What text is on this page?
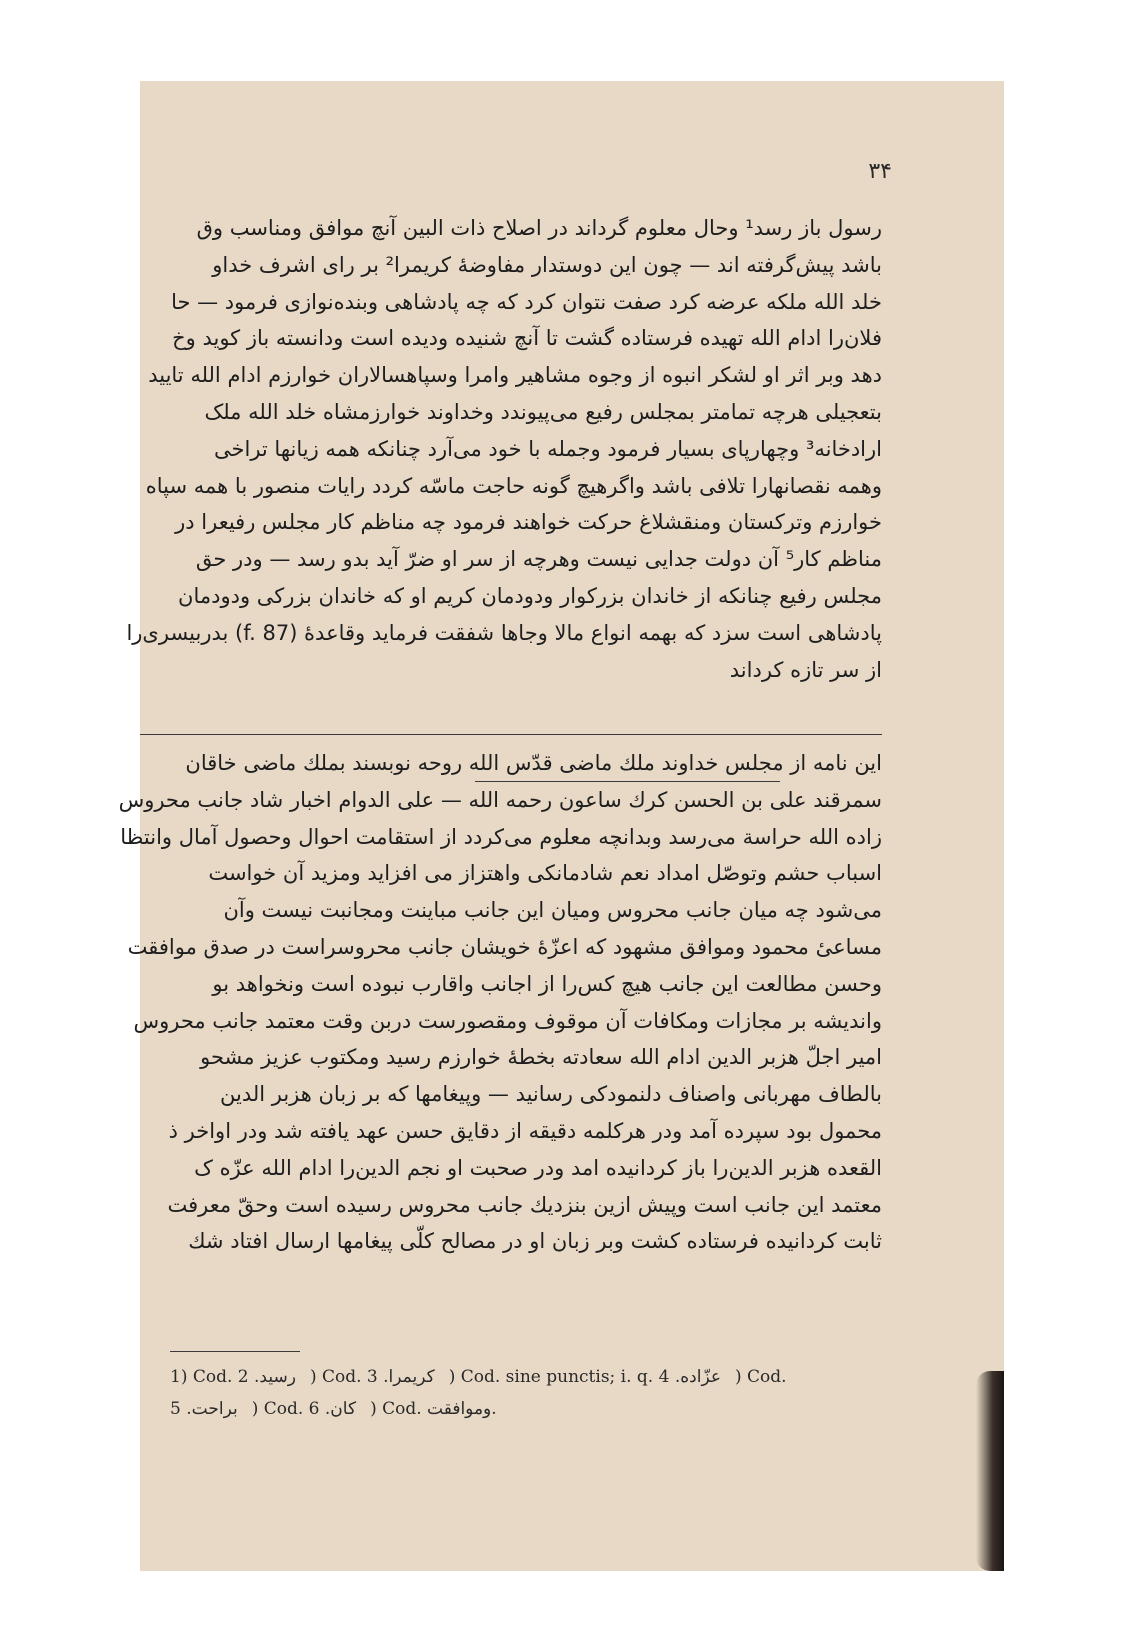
۳۴
رسول باز رسد¹ وحال معلوم گرداند در اصلاح ذات البین آنچ موافق ومناسب وق
باشد پیش‌گرفته اند — چون این دوستدار مفاوضهٔ کریمرا² بر رای اشرف خداو
خلد الله ملکه عرضه کرد صفت نتوان کرد که چه پادشاهی وبنده‌نوازی فرمود — حا
فلان‌را ادام الله تهیده فرستاده گشت تا آنچ شنیده ودیده است ودانسته باز کوید وخ
دهد وبر اثر او لشکر انبوه از وجوه مشاهیر وامرا وسپاهسالاران خوارزم ادام الله تایید
بتعجیلی هرچه تمامتر بمجلس رفیع می‌پیوندد وخداوند خوارزمشاه خلد الله ملک
ارادخانه³ وچهارپای بسیار فرمود وجمله با خود می‌آرد چنانکه همه زیانها تراخی
وهمه نقصانهارا تلافی باشد واگرهیچ گونه حاجت ماسّه کردد رایات منصور با همه سپاه
خوارزم وترکستان ومنقشلاغ حرکت خواهند فرمود چه مناظم کار مجلس رفیعرا در
مناظم کار⁵ آن دولت جدایی نیست وهرچه از سر او ضرّ آید بدو رسد — ودر حق
مجلس رفیع چنانکه از خاندان بزرکوار ودودمان کریم او که خاندان بزرکی ودودمان
پادشاهی است سزد که بهمه انواع مالا وجاها شفقت فرماید وقاعدهٔ (f. 87) بدربیسری‌را
از سر تازه کرداند
این نامه از مجلس خداوند ملك ماضی قدّس الله روحه نوبسند بملك ماضی خاقان
سمرقند علی بن الحسن کرك ساعون رحمه الله — علی الدوام اخبار شاد جانب محروس
زاده الله حراسة می‌رسد وبدانچه معلوم می‌کردد از استقامت احوال وحصول آمال وانتظا
اسباب حشم وتوصّل امداد نعم شادمانکی واهتزاز می افزاید ومزید آن خواست
می‌شود چه میان جانب محروس ومیان این جانب مباینت ومجانبت نیست وآن
مساعیٔ محمود وموافق مشهود که اعزّهٔ خویشان جانب محروسراست در صدق موافقت
وحسن مطالعت این جانب هیچ کس‌را از اجانب واقارب نبوده است ونخواهد بو
واندیشه بر مجازات ومکافات آن موقوف ومقصورست دربن وقت معتمد جانب محروس
امیر اجلّ هزبر الدین ادام الله سعادته بخطهٔ خوارزم رسید ومکتوب عزیز مشحو
بالطاف مهربانی واصناف دلنمودکی رسانید — وپیغامها که بر زبان هزبر الدین
محمول بود سپرده آمد ودر هرکلمه دقیقه از دقایق حسن عهد یافته شد ودر اواخر ذ
القعده هزبر الدین‌را باز کردانیده امد ودر صحبت او نجم الدین‌را ادام الله عزّه ک
معتمد این جانب است وپیش ازین بنزدیك جانب محروس رسیده است وحقّ معرفت
ثابت کردانیده فرستاده کشت وبر زبان او در مصالح کلّی پیغامها ارسال افتاد شك
1) Cod. رسید. 2) Cod. کریمرا. 3) Cod. sine punctis; i. q. عزّاده. 4) Cod.
براحت. 5) Cod. کان. 6) Cod. وموافقت.
